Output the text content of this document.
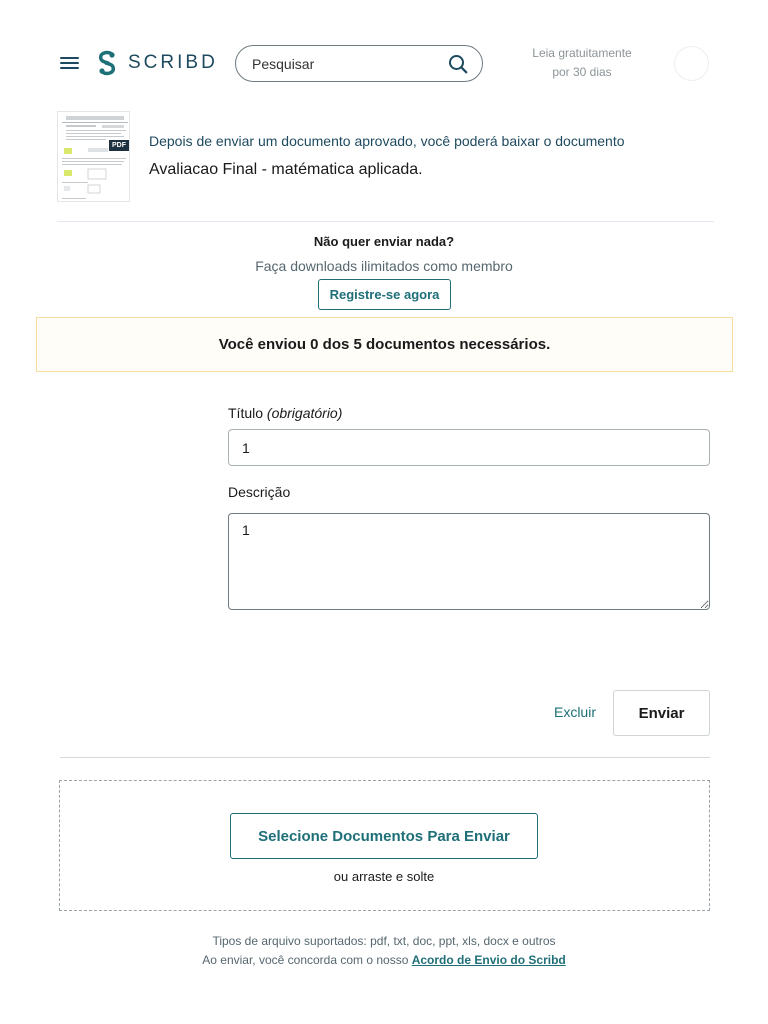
SCRIBD
Pesquisar	Leia gratuitamente
por 30 dias
PDF Depois de enviar um documento aprovado, você poderá baixar o documento
Avaliacao Final - matématica aplicada.
Não quer enviar nada?
Faça downloads ilimitados como membro
Registre-se agora
Você enviou 0 dos 5 documentos necessários.
Título (obrigatório)
1
Descrição
1
Excluir	Enviar
Selecione Documentos Para Enviar
ou arraste e solte
Tipos de arquivo suportados: pdf, txt, doc, ppt, xls, docx e outros
Ao enviar, você concorda com o nosso Acordo de Envio do Scribd
